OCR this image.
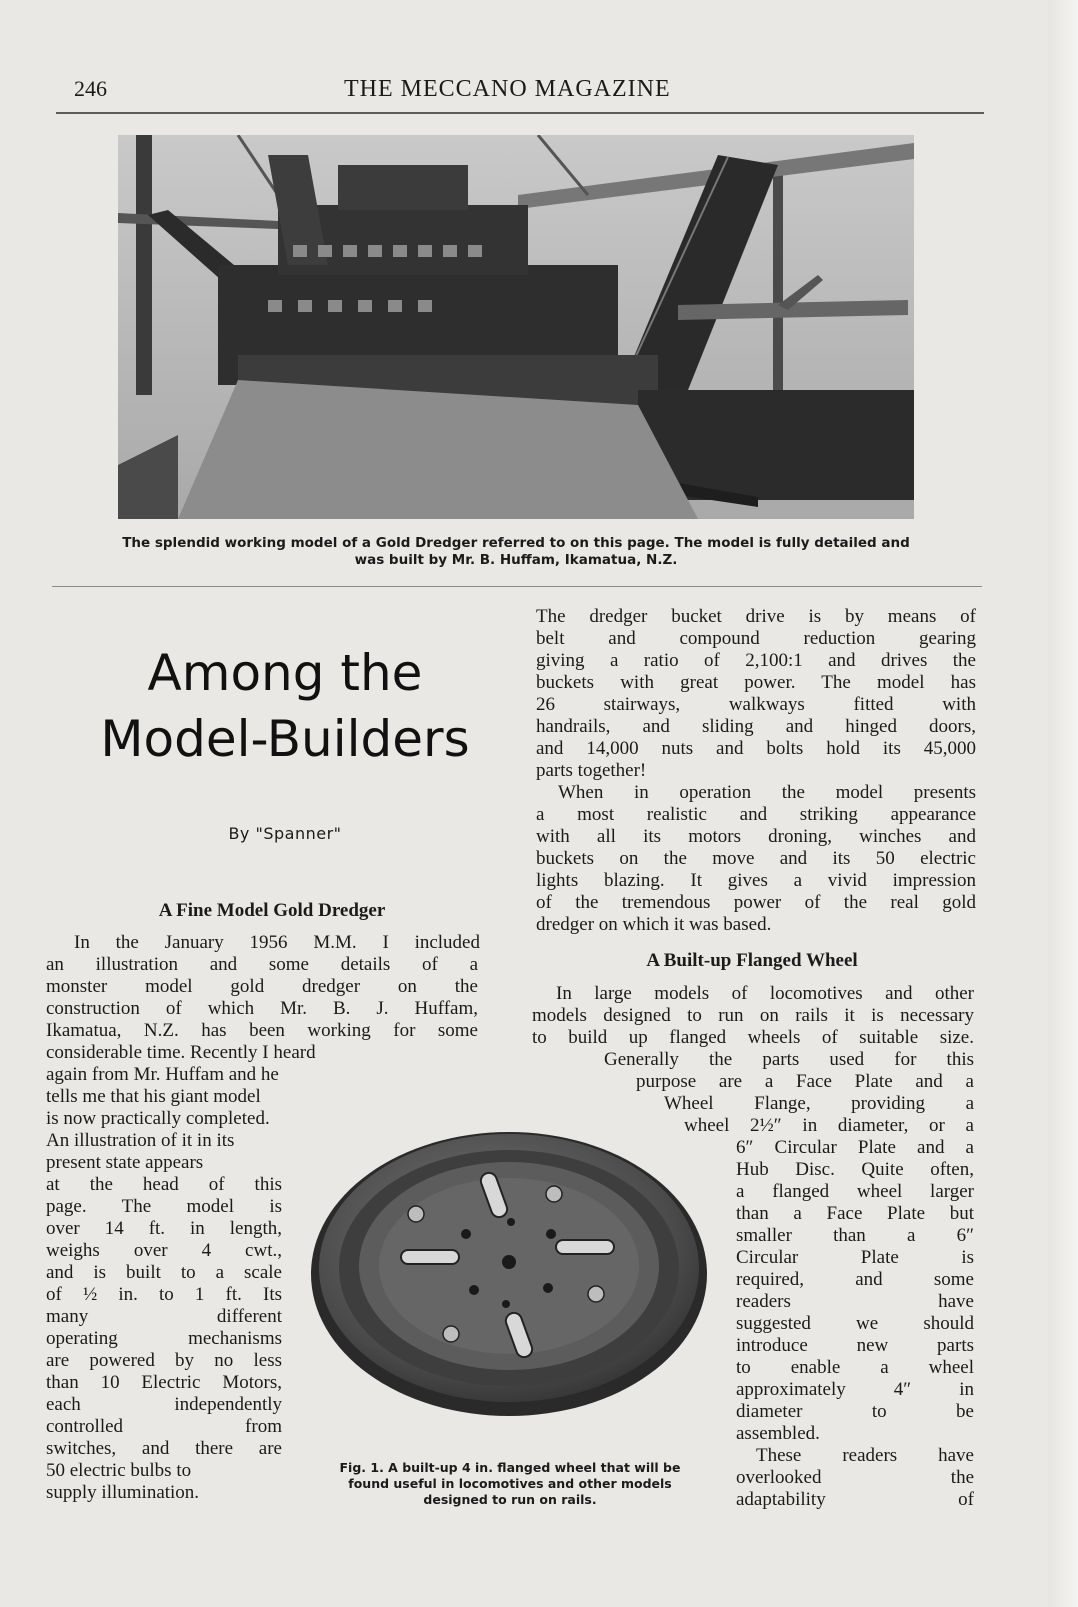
246	THE MECCANO MAGAZINE
The splendid working model of a Gold Dredger referred to on this page. The model is fully detailed and was built by Mr. B. Huffam, Ikamatua, N.Z.
Among the
Model-Builders
By "Spanner"
A Fine Model Gold Dredger
A Built-up Flanged Wheel
In the January 1956 M.M. I included
an illustration and some details of a
monster model gold dredger on the
construction of which Mr. B. J. Huffam,
Ikamatua, N.Z. has been working for some
considerable time. Recently I heard
again from Mr. Huffam and he
tells me that his giant model
is now practically completed.
An illustration of it in its
present state appears
at the head of this
page. The model is
over 14 ft. in length,
weighs over 4 cwt.,
and is built to a scale
of ½ in. to 1 ft. Its
many different
operating mechanisms
are powered by no less
than 10 Electric Motors,
each independently
controlled from
switches, and there are
50 electric bulbs to
supply illumination.
The dredger bucket drive is by means of
belt and compound reduction gearing
giving a ratio of 2,100:1 and drives the
buckets with great power. The model has
26 stairways, walkways fitted with
handrails, and sliding and hinged doors,
and 14,000 nuts and bolts hold its 45,000
parts together!
When in operation the model presents
a most realistic and striking appearance
with all its motors droning, winches and
buckets on the move and its 50 electric
lights blazing. It gives a vivid impression
of the tremendous power of the real gold
dredger on which it was based.
In large models of locomotives and other
models designed to run on rails it is necessary
to build up flanged wheels of suitable size.
Generally the parts used for this
purpose are a Face Plate and a
Wheel Flange, providing a
wheel 2½″ in diameter, or a
6″ Circular Plate and a
Hub Disc. Quite often,
a flanged wheel larger
than a Face Plate but
smaller than a 6″
Circular Plate is
required, and some
readers have
suggested we should
introduce new parts
to enable a wheel
approximately 4″ in
diameter to be
assembled.
These readers have
overlooked the
adaptability of
Fig. 1. A built-up 4 in. flanged wheel that will be found useful in locomotives and other models designed to run on rails.
